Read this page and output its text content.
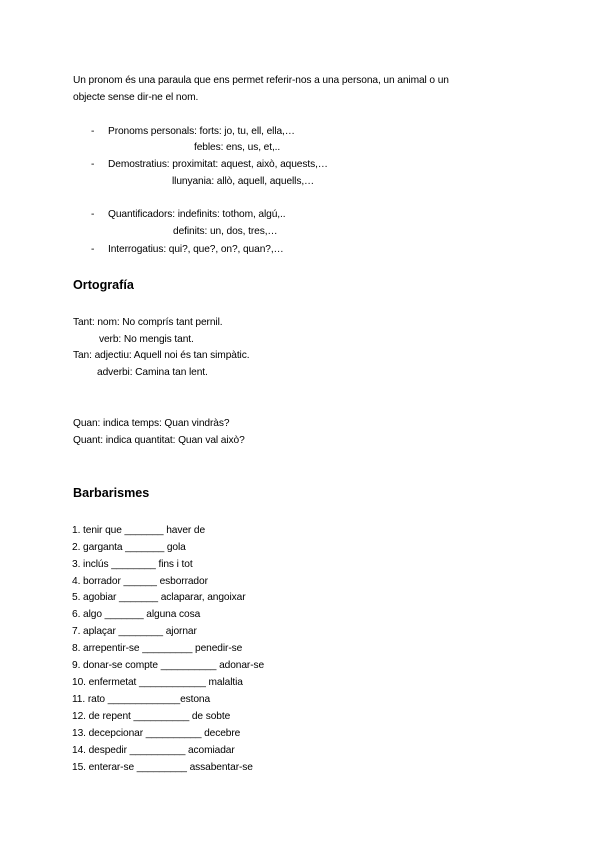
Un pronom és una paraula que ens permet referir-nos a una persona, un animal o un
objecte sense dir-ne el nom.
- Pronoms personals: forts: jo, tu, ell, ella,…
febles: ens, us, et,..
- Demostratius: proximitat: aquest, això, aquests,…
llunyania: allò, aquell, aquells,…
- Quantificadors: indefinits: tothom, algú,..
definits: un, dos, tres,…
- Interrogatius: qui?, que?, on?, quan?,…
Ortografía
Tant: nom: No comprís tant pernil.
verb: No mengis tant.
Tan: adjectiu: Aquell noi és tan simpàtic.
adverbi: Camina tan lent.
Quan: indica temps: Quan vindràs?
Quant: indica quantitat: Quan val això?
Barbarismes
1. tenir que _______ haver de
2. garganta _______ gola
3. inclús ________ fins i tot
4. borrador ______ esborrador
5. agobiar _______ aclaparar, angoixar
6. algo _______ alguna cosa
7. aplaçar ________ ajornar
8. arrepentir-se _________ penedir-se
9. donar-se compte __________ adonar-se
10. enfermetat ____________ malaltia
11. rato _____________estona
12. de repent __________ de sobte
13. decepcionar __________ decebre
14. despedir __________ acomiadar
15. enterar-se _________ assabentar-se
